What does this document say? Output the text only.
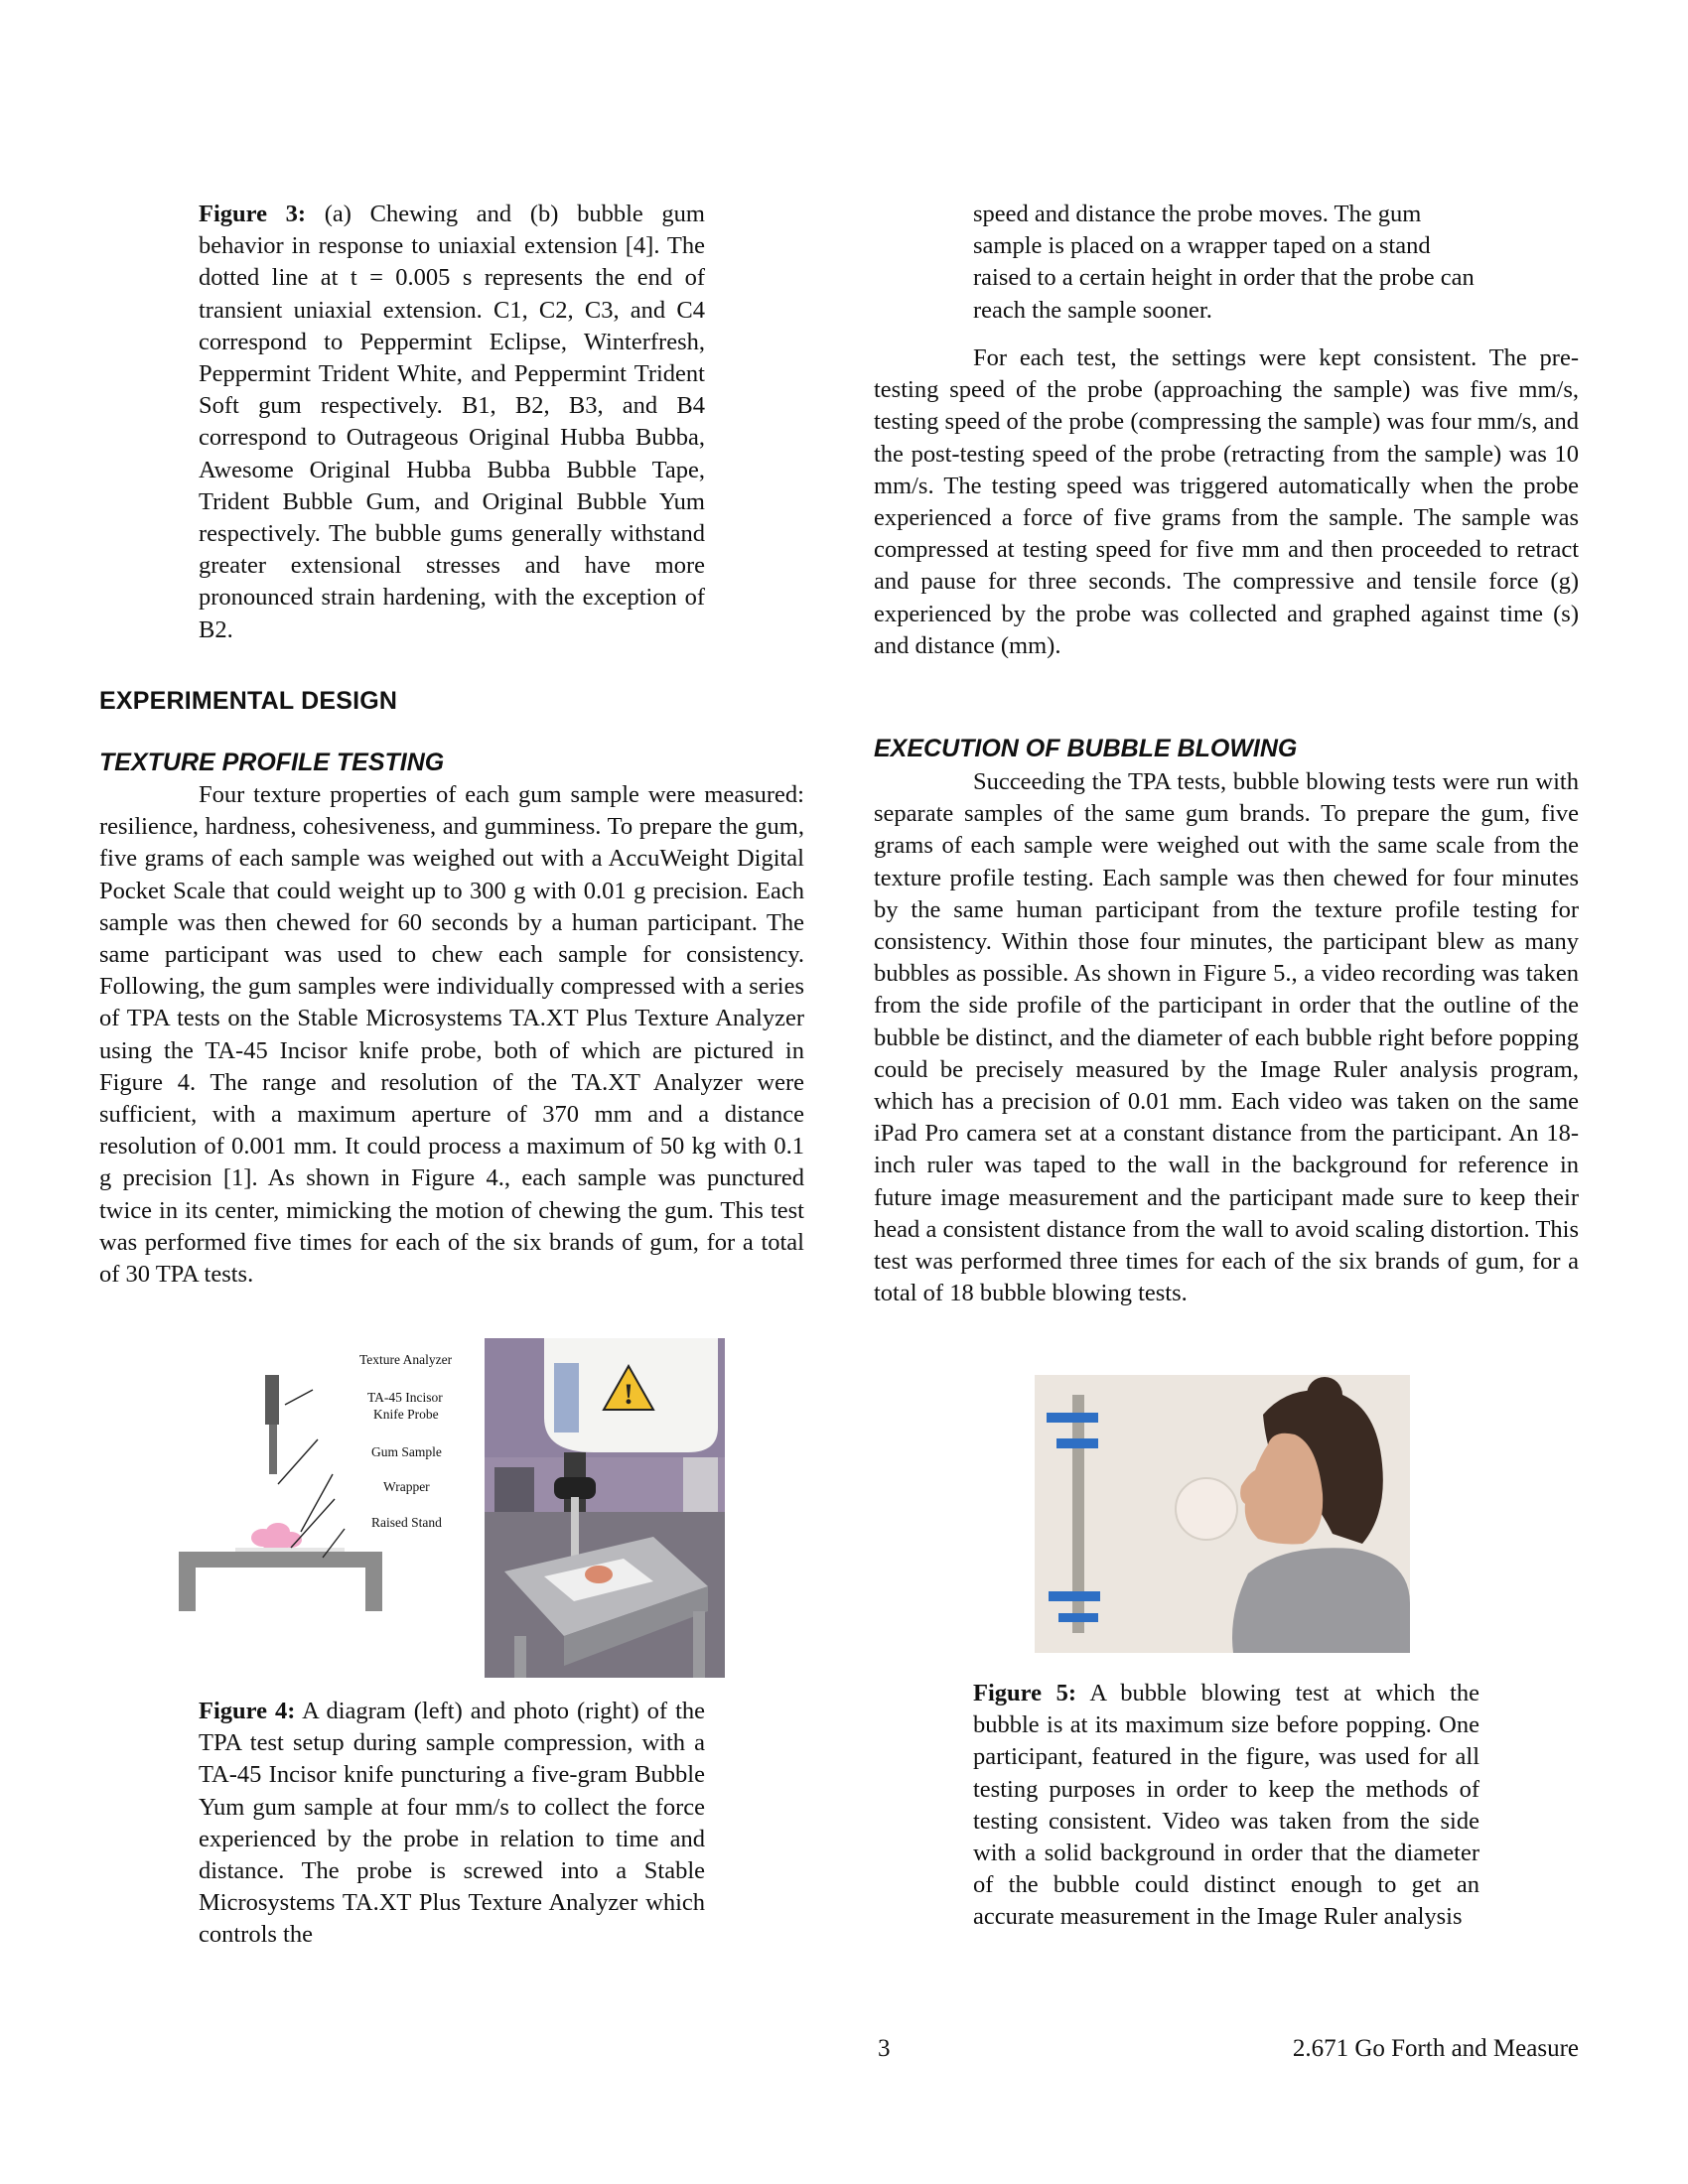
Figure 3: (a) Chewing and (b) bubble gum behavior in response to uniaxial extension [4]. The dotted line at t = 0.005 s represents the end of transient uniaxial extension. C1, C2, C3, and C4 correspond to Peppermint Eclipse, Winterfresh, Peppermint Trident White, and Peppermint Trident Soft gum respectively. B1, B2, B3, and B4 correspond to Outrageous Original Hubba Bubba, Awesome Original Hubba Bubba Bubble Tape, Trident Bubble Gum, and Original Bubble Yum respectively. The bubble gums generally withstand greater extensional stresses and have more pronounced strain hardening, with the exception of B2.
EXPERIMENTAL DESIGN
TEXTURE PROFILE TESTING

Four texture properties of each gum sample were measured: resilience, hardness, cohesiveness, and gumminess. To prepare the gum, five grams of each sample was weighed out with a AccuWeight Digital Pocket Scale that could weight up to 300 g with 0.01 g precision. Each sample was then chewed for 60 seconds by a human participant. The same participant was used to chew each sample for consistency. Following, the gum samples were individually compressed with a series of TPA tests on the Stable Microsystems TA.XT Plus Texture Analyzer using the TA-45 Incisor knife probe, both of which are pictured in Figure 4. The range and resolution of the TA.XT Analyzer were sufficient, with a maximum aperture of 370 mm and a distance resolution of 0.001 mm. It could process a maximum of 50 kg with 0.1 g precision [1]. As shown in Figure 4., each sample was punctured twice in its center, mimicking the motion of chewing the gum. This test was performed five times for each of the six brands of gum, for a total of 30 TPA tests.

Texture Analyzer
TA-45 Incisor
Knife Probe
Gum Sample
Wrapper
Raised Stand
!
Figure 4: A diagram (left) and photo (right) of the TPA test setup during sample compression, with a TA-45 Incisor knife puncturing a five-gram Bubble Yum gum sample at four mm/s to collect the force experienced by the probe in relation to time and distance. The probe is screwed into a Stable Microsystems TA.XT Plus Texture Analyzer which controls the

speed and distance the probe moves. The gum sample is placed on a wrapper taped on a stand raised to a certain height in order that the probe can reach the sample sooner.

For each test, the settings were kept consistent. The pre-testing speed of the probe (approaching the sample) was five mm/s, testing speed of the probe (compressing the sample) was four mm/s, and the post-testing speed of the probe (retracting from the sample) was 10 mm/s. The testing speed was triggered automatically when the probe experienced a force of five grams from the sample. The sample was compressed at testing speed for five mm and then proceeded to retract and pause for three seconds. The compressive and tensile force (g) experienced by the probe was collected and graphed against time (s) and distance (mm).

EXECUTION OF BUBBLE BLOWING

Succeeding the TPA tests, bubble blowing tests were run with separate samples of the same gum brands. To prepare the gum, five grams of each sample were weighed out with the same scale from the texture profile testing. Each sample was then chewed for four minutes by the same human participant from the texture profile testing for consistency. Within those four minutes, the participant blew as many bubbles as possible. As shown in Figure 5., a video recording was taken from the side profile of the participant in order that the outline of the bubble be distinct, and the diameter of each bubble right before popping could be precisely measured by the Image Ruler analysis program, which has a precision of 0.01 mm. Each video was taken on the same iPad Pro camera set at a constant distance from the participant. An 18-inch ruler was taped to the wall in the background for reference in future image measurement and the participant made sure to keep their head a consistent distance from the wall to avoid scaling distortion. This test was performed three times for each of the six brands of gum, for a total of 18 bubble blowing tests.

Figure 5: A bubble blowing test at which the bubble is at its maximum size before popping. One participant, featured in the figure, was used for all testing purposes in order to keep the methods of testing consistent. Video was taken from the side with a solid background in order that the diameter of the bubble could distinct enough to get an accurate measurement in the Image Ruler analysis
3	2.671 Go Forth and Measure
